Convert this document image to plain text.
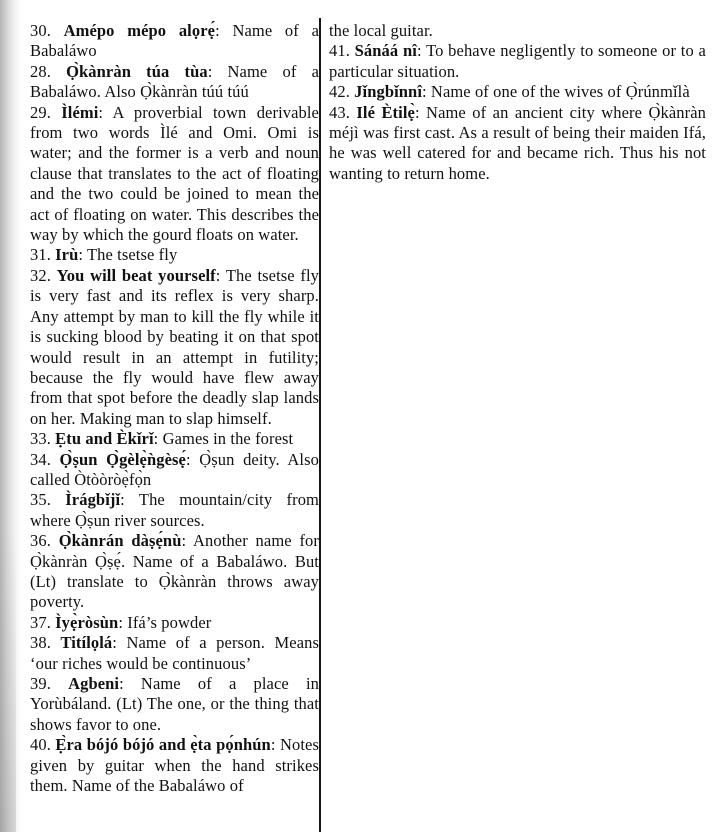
30. Amépo mépo alọrẹ́: Name of a Babaláwo

28. Ọ̀kànràn túa tùa: Name of a Babaláwo. Also Ọ̀kànràn túú túú

29. Ìlémi: A proverbial town derivable from two words Ìlé and Omi. Omi is water; and the former is a verb and noun clause that translates to the act of floating and the two could be joined to mean the act of floating on water. This describes the way by which the gourd floats on water.

31. Irù: The tsetse fly

32. You will beat yourself: The tsetse fly is very fast and its reflex is very sharp. Any attempt by man to kill the fly while it is sucking blood by beating it on that spot would result in an attempt in futility; because the fly would have flew away from that spot before the deadly slap lands on her. Making man to slap himself.

33. Ẹtu and Èkǐrǐ: Games in the forest

34. Ọ̀ṣun Ọ̀gèlẹ̀ǹgèsẹ́: Ọ̀ṣun deity. Also called Òtòòròẹ̀fọ̀n

35. Ìrágbǐjǐ: The mountain/city from where Ọ̀ṣun river sources.

36. Ọ̀kànrán dàṣẹ́nù: Another name for Ọ̀kànràn Ọ̀ṣẹ́. Name of a Babaláwo. But (Lt) translate to Ọ̀kànràn throws away poverty.

37. Ìyẹ̀ròsùn: Ifá’s powder

38. Titílọlá: Name of a person. Means ‘our riches would be continuous’

39. Agbeni: Name of a place in Yorùbáland. (Lt) The one, or the thing that shows favor to one.

40. Ẹ̀ra bójó bójó and ẹ̀ta pọ́nhún: Notes given by guitar when the hand strikes them. Name of the Babaláwo of

the local guitar.

41. Sánáá nî: To behave negligently to someone or to a particular situation.

42. Jǐngbǐnnî: Name of one of the wives of Ọ̀rúnmǐlà

43. Ilé Ètilẹ̀: Name of an ancient city where Ọ̀kànràn méjì was first cast. As a result of being their maiden Ifá, he was well catered for and became rich. Thus his not wanting to return home.
